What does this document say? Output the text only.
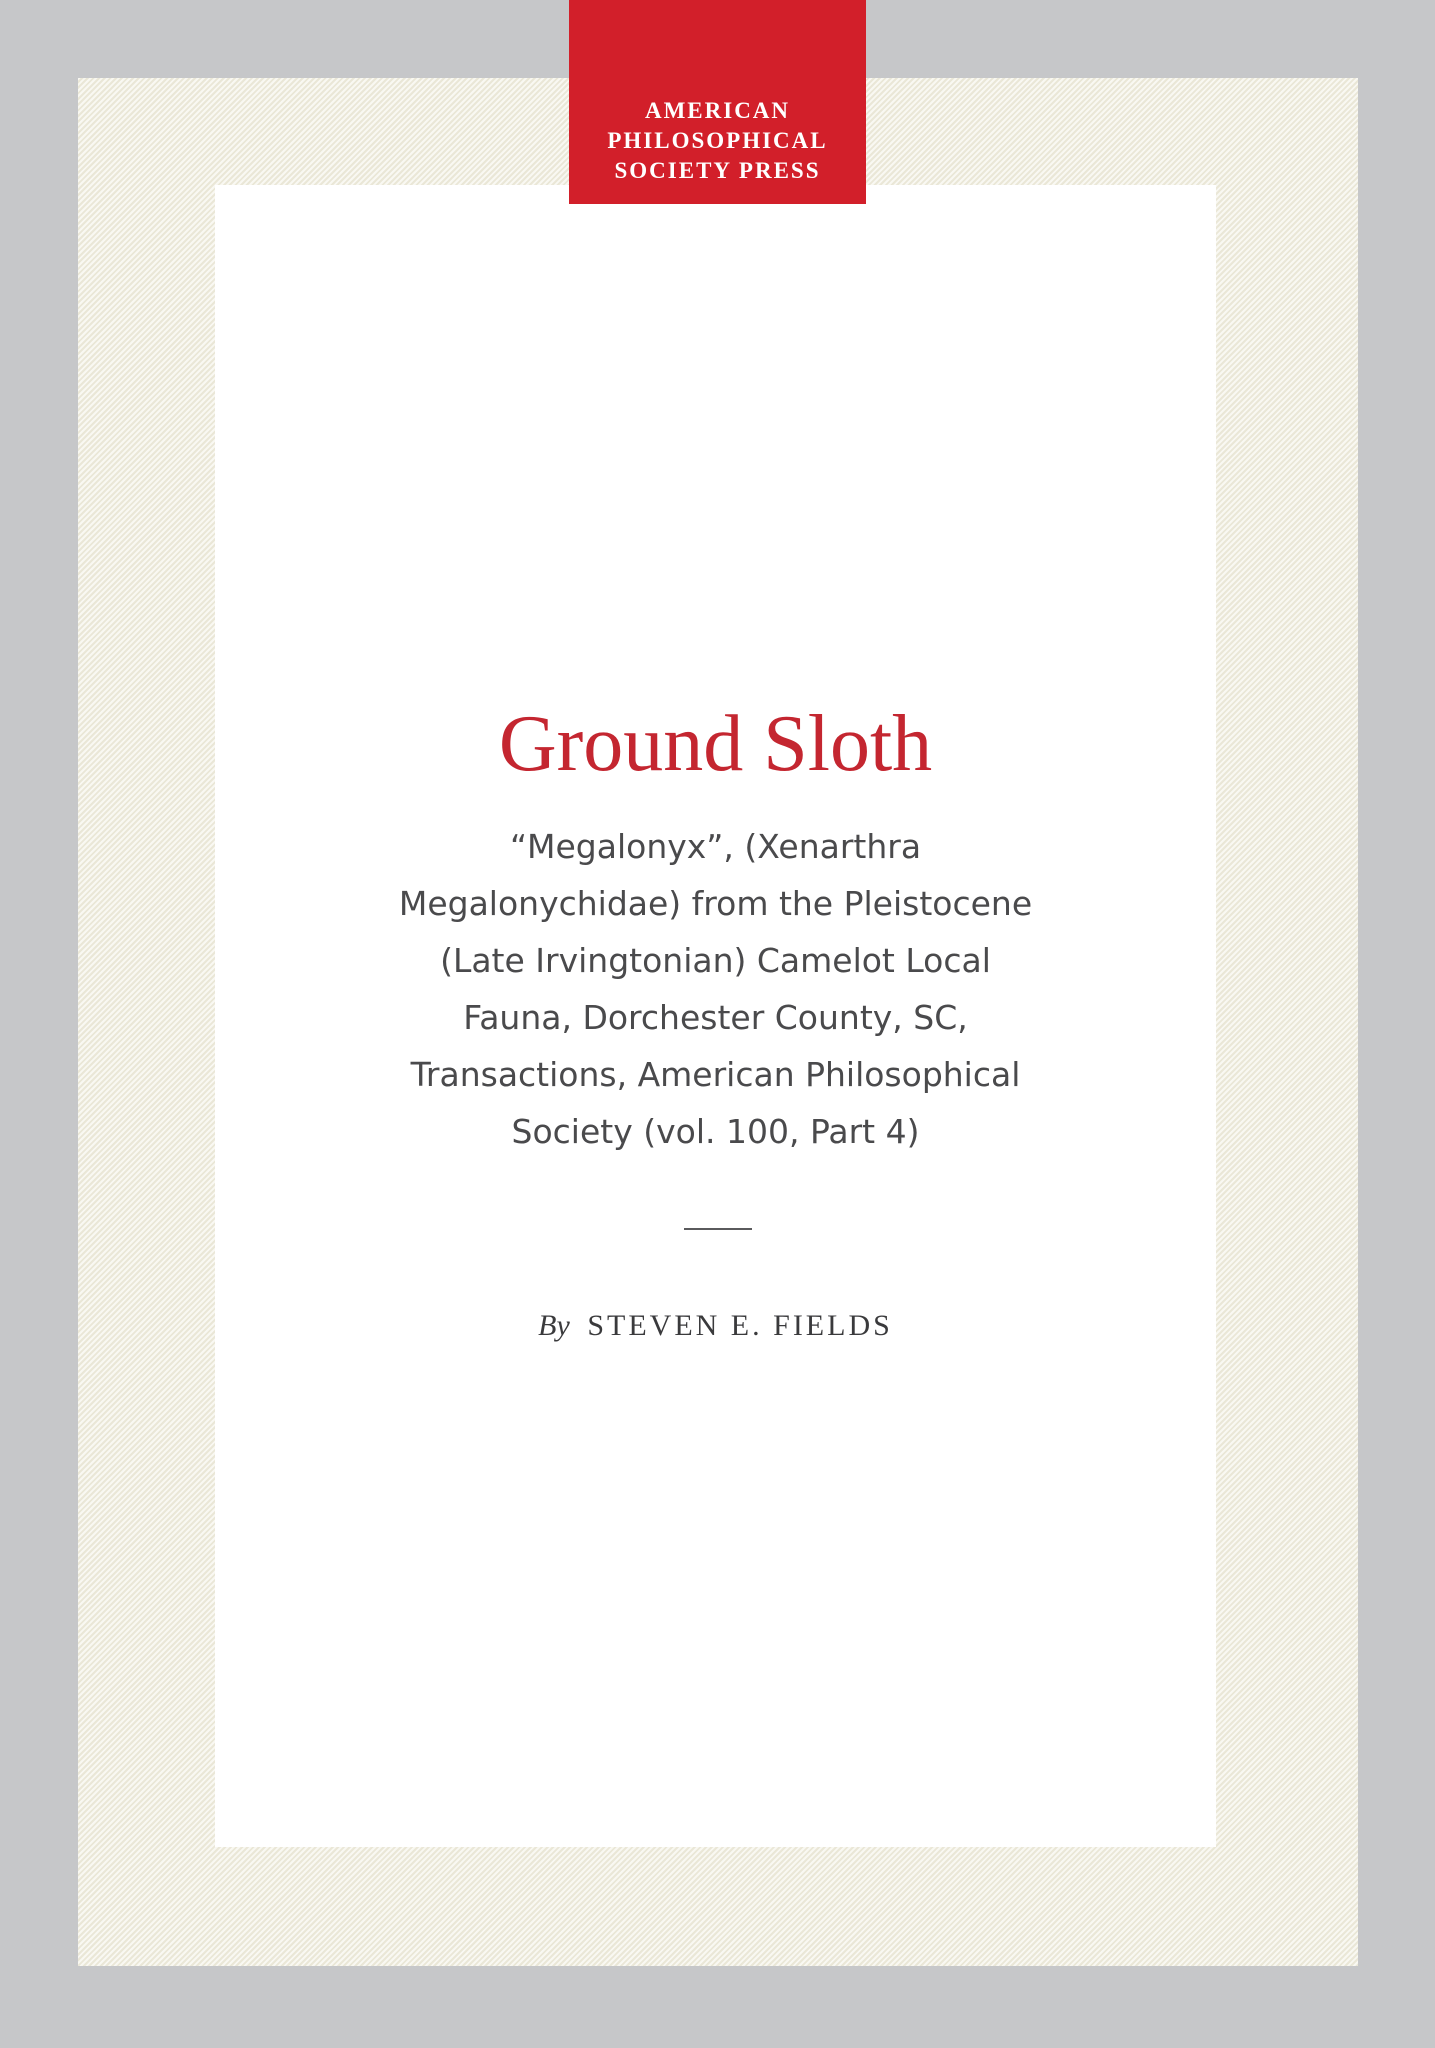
AMERICAN
PHILOSOPHICAL
SOCIETY PRESS
Ground Sloth
“Megalonyx”, (Xenarthra
Megalonychidae) from the Pleistocene
(Late Irvingtonian) Camelot Local
Fauna, Dorchester County, SC,
Transactions, American Philosophical
Society (vol. 100, Part 4)
By STEVEN E. FIELDS
